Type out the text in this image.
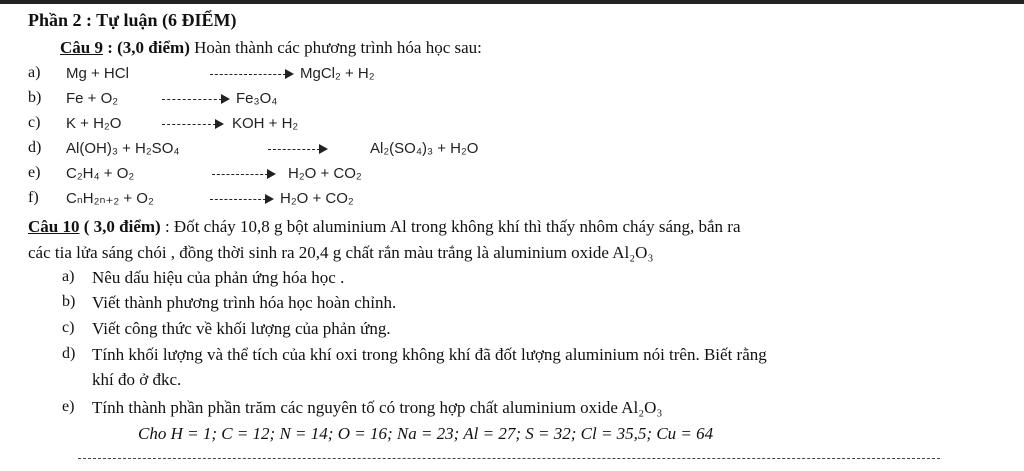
Phần 2 : Tự luận (6 ĐIỂM)
Câu 9 : (3,0 điểm) Hoàn thành các phương trình hóa học sau:
a) Mg + HCl	MgCl₂ + H₂
b) Fe + O₂	→ Fe₃O₄
c) K + H₂O	→ KOH + H₂
d) Al(OH)₃ + H₂SO₄	Al₂(SO₄)₃ + H₂O
e) C₂H₄ + O₂	→ H₂O + CO₂
f) CₙH₂ₙ₊₂ + O₂	→ H₂O + CO₂
Câu 10 ( 3,0 điểm) : Đốt cháy 10,8 g bột aluminium Al trong không khí thì thấy nhôm cháy sáng, bắn ra
các tia lửa sáng chói , đồng thời sinh ra 20,4 g chất rắn màu trắng là aluminium oxide Al₂O₃
a) Nêu dấu hiệu của phản ứng hóa học .
b) Viết thành phương trình hóa học hoàn chỉnh.
c) Viết công thức về khối lượng của phản ứng.
d) Tính khối lượng và thể tích của khí oxi trong không khí đã đốt lượng aluminium nói trên. Biết rằng
khí đo ở đkc.
e) Tính thành phần phần trăm các nguyên tố có trong hợp chất aluminium oxide Al₂O₃
Cho H = 1; C = 12; N = 14; O = 16; Na = 23; Al = 27; S = 32; Cl = 35,5; Cu = 64
